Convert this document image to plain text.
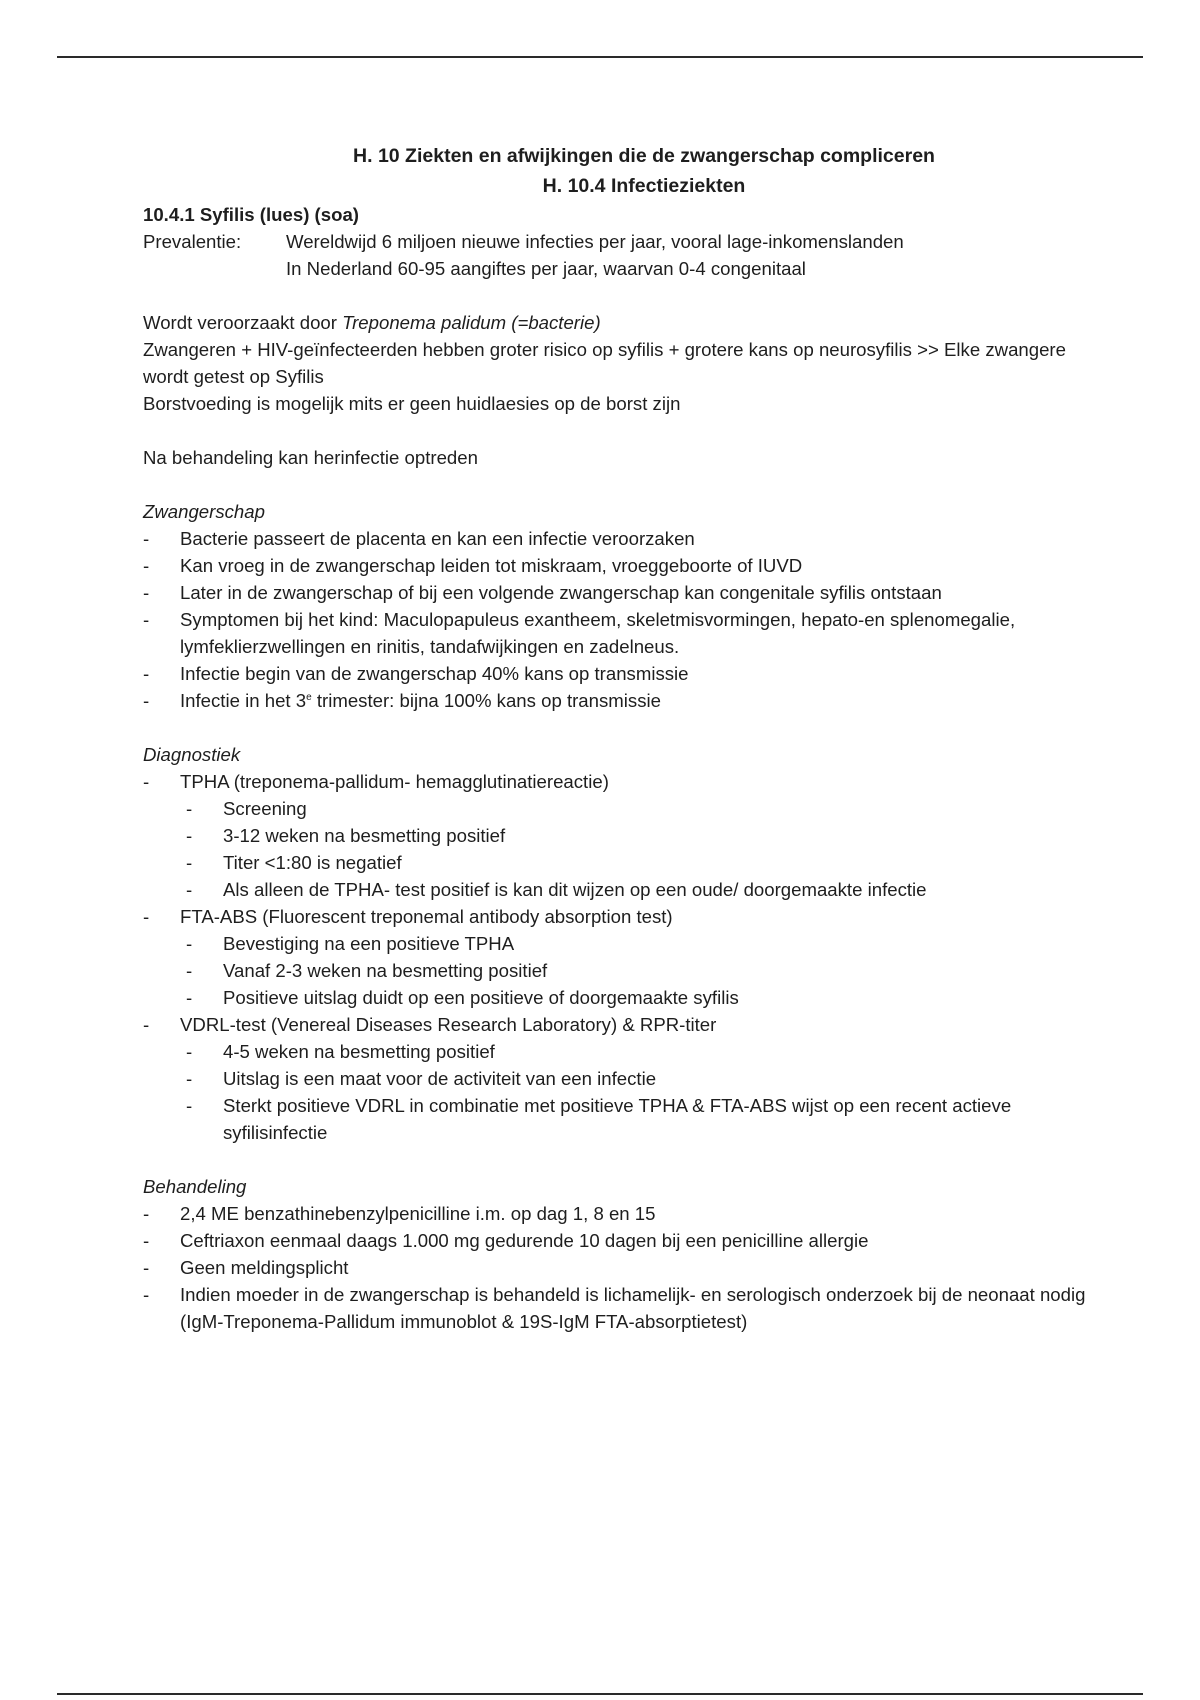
H. 10 Ziekten en afwijkingen die de zwangerschap compliceren
H. 10.4 Infectieziekten
10.4.1 Syfilis (lues) (soa)
Prevalentie:	Wereldwijd 6 miljoen nieuwe infecties per jaar, vooral lage-inkomenslanden
In Nederland 60-95 aangiftes per jaar, waarvan 0-4 congenitaal
Wordt veroorzaakt door Treponema palidum (=bacterie)
Zwangeren + HIV-geïnfecteerden hebben groter risico op syfilis + grotere kans op neurosyfilis >> Elke zwangere wordt getest op Syfilis
Borstvoeding is mogelijk mits er geen huidlaesies op de borst zijn
Na behandeling kan herinfectie optreden
Zwangerschap
- Bacterie passeert de placenta en kan een infectie veroorzaken
- Kan vroeg in de zwangerschap leiden tot miskraam, vroeggeboorte of IUVD
- Later in de zwangerschap of bij een volgende zwangerschap kan congenitale syfilis ontstaan
- Symptomen bij het kind: Maculopapuleus exantheem, skeletmisvormingen, hepato-en splenomegalie, lymfeklierzwellingen en rinitis, tandafwijkingen en zadelneus.
- Infectie begin van de zwangerschap 40% kans op transmissie
- Infectie in het 3e trimester: bijna 100% kans op transmissie
Diagnostiek
- TPHA (treponema-pallidum- hemagglutinatiereactie)
- Screening
- 3-12 weken na besmetting positief
- Titer <1:80 is negatief
- Als alleen de TPHA- test positief is kan dit wijzen op een oude/ doorgemaakte infectie
- FTA-ABS (Fluorescent treponemal antibody absorption test)
- Bevestiging na een positieve TPHA
- Vanaf 2-3 weken na besmetting positief
- Positieve uitslag duidt op een positieve of doorgemaakte syfilis
- VDRL-test (Venereal Diseases Research Laboratory) & RPR-titer
- 4-5 weken na besmetting positief
- Uitslag is een maat voor de activiteit van een infectie
- Sterkt positieve VDRL in combinatie met positieve TPHA & FTA-ABS wijst op een recent actieve syfilisinfectie
Behandeling
- 2,4 ME benzathinebenzylpenicilline i.m. op dag 1, 8 en 15
- Ceftriaxon eenmaal daags 1.000 mg gedurende 10 dagen bij een penicilline allergie
- Geen meldingsplicht
- Indien moeder in de zwangerschap is behandeld is lichamelijk- en serologisch onderzoek bij de neonaat nodig (IgM-Treponema-Pallidum immunoblot & 19S-IgM FTA-absorptietest)
